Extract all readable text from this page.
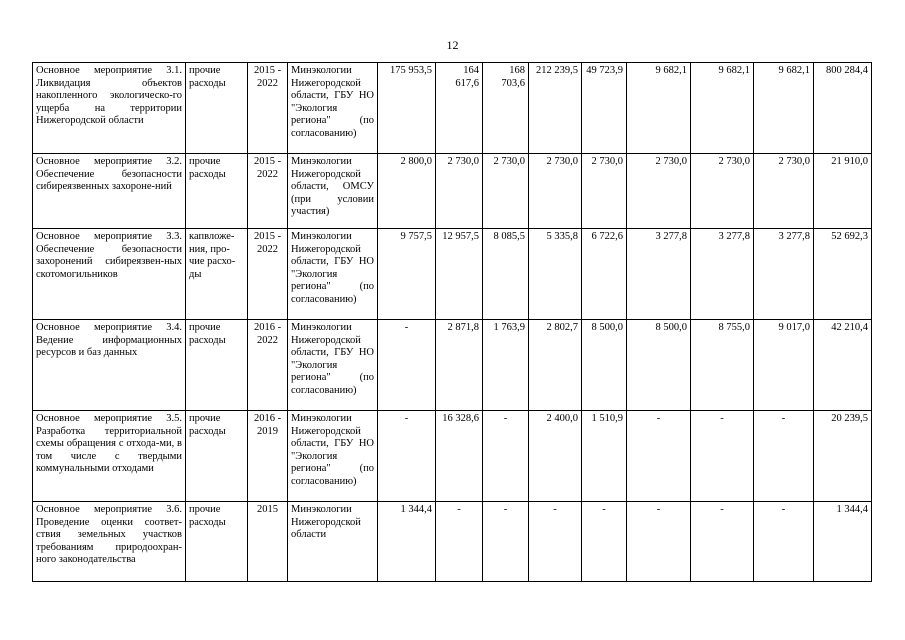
12
Основное мероприятие 3.1. Ликвидация объектов накопленного экологическо-го ущерба на территории Нижегородской области	прочие расходы	2015 - 2022	Минэкологии Нижегородской области, ГБУ НО "Экология региона" (по согласованию)	175 953,5	164 617,6	168 703,6	212 239,5	49 723,9	9 682,1	9 682,1	9 682,1	800 284,4
Основное мероприятие 3.2. Обеспечение безопасности сибиреязвенных захороне-ний	прочие расходы	2015 - 2022	Минэкологии Нижегородской области, ОМСУ (при условии участия)	2 800,0	2 730,0	2 730,0	2 730,0	2 730,0	2 730,0	2 730,0	2 730,0	21 910,0
Основное мероприятие 3.3. Обеспечение безопасности захоронений сибиреязвен-ных скотомогильников	капвложе-ния, про-чие расхо-ды	2015 - 2022	Минэкологии Нижегородской области, ГБУ НО "Экология региона" (по согласованию)	9 757,5	12 957,5	8 085,5	5 335,8	6 722,6	3 277,8	3 277,8	3 277,8	52 692,3
Основное мероприятие 3.4. Ведение информационных ресурсов и баз данных	прочие расходы	2016 - 2022	Минэкологии Нижегородской области, ГБУ НО "Экология региона" (по согласованию)	-	2 871,8	1 763,9	2 802,7	8 500,0	8 500,0	8 755,0	9 017,0	42 210,4
Основное мероприятие 3.5. Разработка территориальной схемы обращения с отхода-ми, в том числе с твердыми коммунальными отходами	прочие расходы	2016 - 2019	Минэкологии Нижегородской области, ГБУ НО "Экология региона" (по согласованию)	-	16 328,6	-	2 400,0	1 510,9	-	-	-	20 239,5
Основное мероприятие 3.6. Проведение оценки соответ-ствия земельных участков требованиям природоохран-ного законодательства	прочие расходы	2015	Минэкологии Нижегородской области	1 344,4	-	-	-	-	-	-	-	1 344,4
